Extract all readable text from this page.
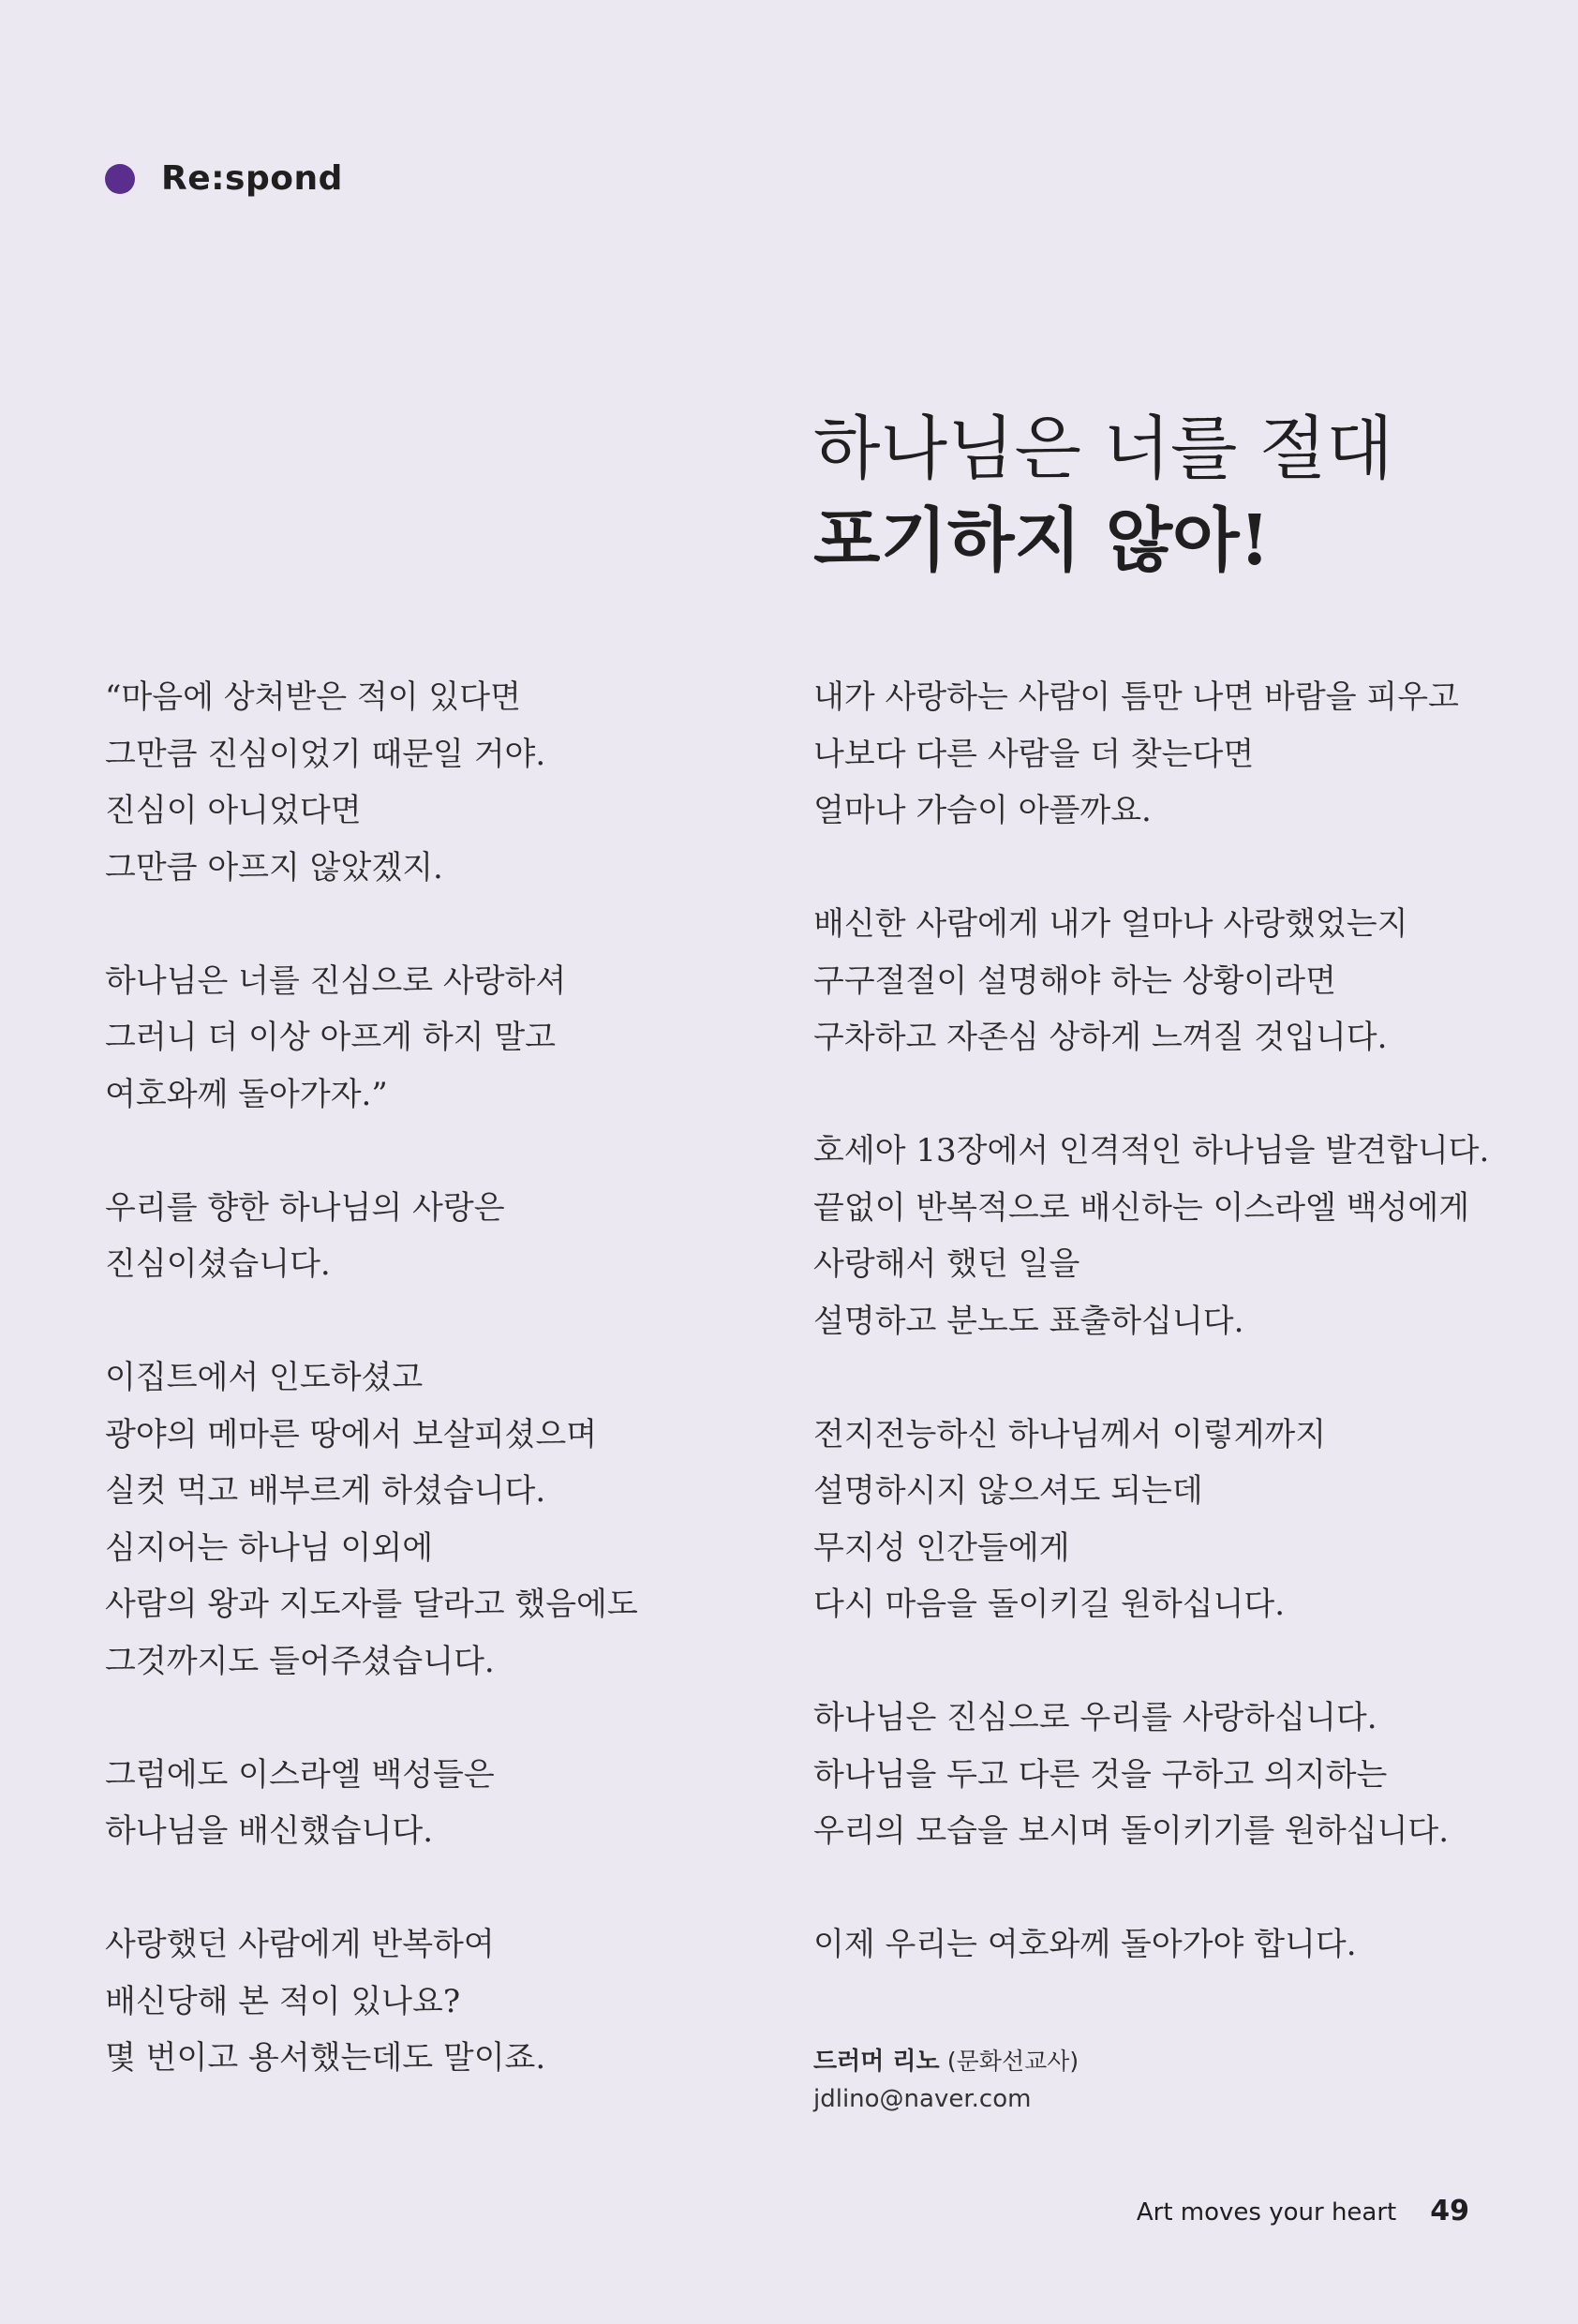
Re:spond
하나님은 너를 절대
포기하지 않아!

“마음에 상처받은 적이 있다면
그만큼 진심이었기 때문일 거야.
진심이 아니었다면
그만큼 아프지 않았겠지.

하나님은 너를 진심으로 사랑하셔
그러니 더 이상 아프게 하지 말고
여호와께 돌아가자.”

우리를 향한 하나님의 사랑은
진심이셨습니다.

이집트에서 인도하셨고
광야의 메마른 땅에서 보살피셨으며
실컷 먹고 배부르게 하셨습니다.
심지어는 하나님 이외에
사람의 왕과 지도자를 달라고 했음에도
그것까지도 들어주셨습니다.

그럼에도 이스라엘 백성들은
하나님을 배신했습니다.

사랑했던 사람에게 반복하여
배신당해 본 적이 있나요?
몇 번이고 용서했는데도 말이죠.

내가 사랑하는 사람이 틈만 나면 바람을 피우고
나보다 다른 사람을 더 찾는다면
얼마나 가슴이 아플까요.

배신한 사람에게 내가 얼마나 사랑했었는지
구구절절이 설명해야 하는 상황이라면
구차하고 자존심 상하게 느껴질 것입니다.

호세아 13장에서 인격적인 하나님을 발견합니다.
끝없이 반복적으로 배신하는 이스라엘 백성에게
사랑해서 했던 일을
설명하고 분노도 표출하십니다.

전지전능하신 하나님께서 이렇게까지
설명하시지 않으셔도 되는데
무지성 인간들에게
다시 마음을 돌이키길 원하십니다.

하나님은 진심으로 우리를 사랑하십니다.
하나님을 두고 다른 것을 구하고 의지하는
우리의 모습을 보시며 돌이키기를 원하십니다.

이제 우리는 여호와께 돌아가야 합니다.

드러머 리노 (문화선교사)
jdlino@naver.com
Art moves your heart 49
